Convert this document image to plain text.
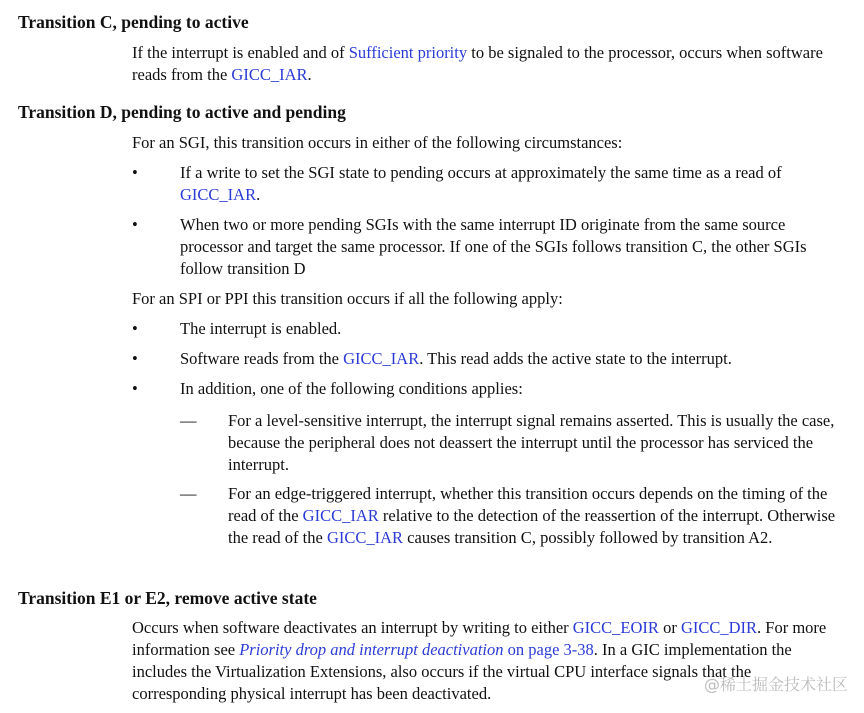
Transition C, pending to active

If the interrupt is enabled and of Sufficient priority to be signaled to the processor, occurs when software reads from the GICC_IAR.

Transition D, pending to active and pending

For an SGI, this transition occurs in either of the following circumstances:

•	If a write to set the SGI state to pending occurs at approximately the same time as a read of GICC_IAR.

•	When two or more pending SGIs with the same interrupt ID originate from the same source processor and target the same processor. If one of the SGIs follows transition C, the other SGIs follow transition D

For an SPI or PPI this transition occurs if all the following apply:

•	The interrupt is enabled.

•	Software reads from the GICC_IAR. This read adds the active state to the interrupt.

•	In addition, one of the following conditions applies:

— For a level-sensitive interrupt, the interrupt signal remains asserted. This is usually the case, because the peripheral does not deassert the interrupt until the processor has serviced the interrupt.

— For an edge-triggered interrupt, whether this transition occurs depends on the timing of the read of the GICC_IAR relative to the detection of the reassertion of the interrupt. Otherwise the read of the GICC_IAR causes transition C, possibly followed by transition A2.

Transition E1 or E2, remove active state

Occurs when software deactivates an interrupt by writing to either GICC_EOIR or GICC_DIR. For more information see Priority drop and interrupt deactivation on page 3-38. In a GIC implementation the includes the Virtualization Extensions, also occurs if the virtual CPU interface signals that the corresponding physical interrupt has been deactivated.	@稀土掘金技术社区
